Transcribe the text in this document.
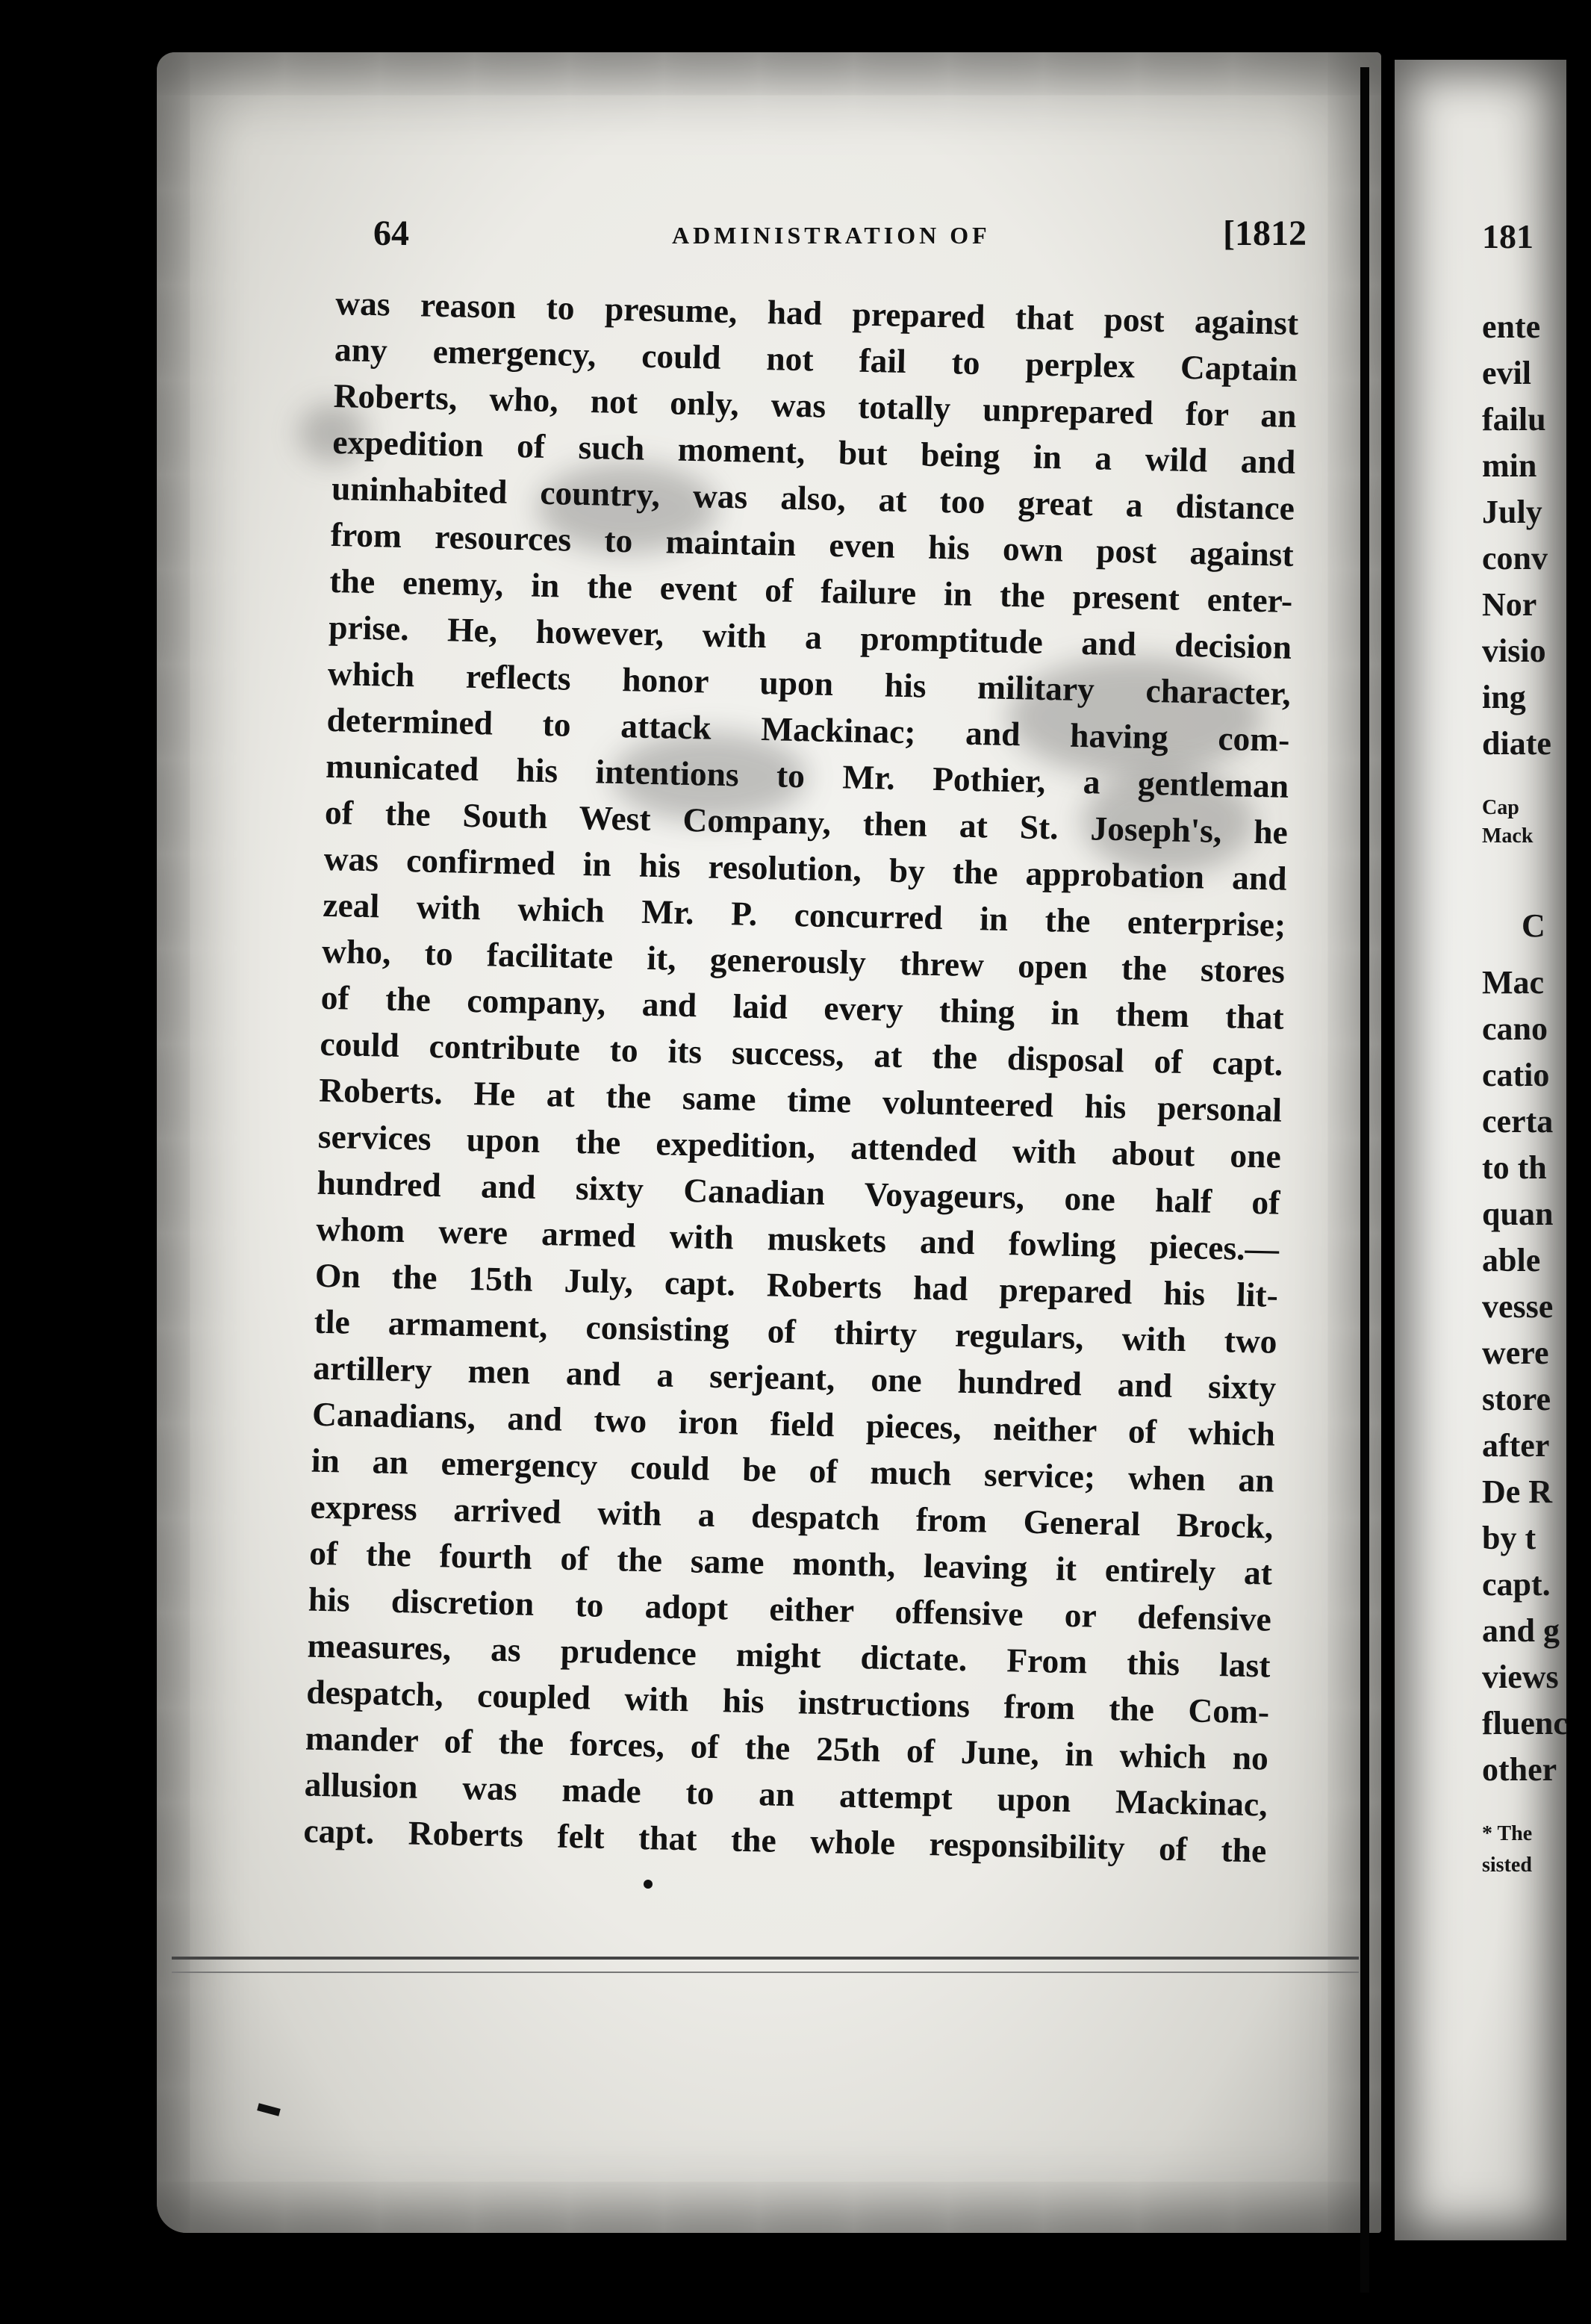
64	ADMINISTRATION OF	[1812
was reason to presume, had prepared that post against
any emergency, could not fail to perplex Captain
Roberts, who, not only, was totally unprepared for an
expedition of such moment, but being in a wild and
uninhabited country, was also, at too great a distance
from resources to maintain even his own post against
the enemy, in the event of failure in the present enter-
prise. He, however, with a promptitude and decision
which reflects honor upon his military character,
determined to attack Mackinac; and having com-
municated his intentions to Mr. Pothier, a gentleman
of the South West Company, then at St. Joseph's, he
was confirmed in his resolution, by the approbation and
zeal with which Mr. P. concurred in the enterprise;
who, to facilitate it, generously threw open the stores
of the company, and laid every thing in them that
could contribute to its success, at the disposal of capt.
Roberts. He at the same time volunteered his personal
services upon the expedition, attended with about one
hundred and sixty Canadian Voyageurs, one half of
whom were armed with muskets and fowling pieces.—
On the 15th July, capt. Roberts had prepared his lit-
tle armament, consisting of thirty regulars, with two
artillery men and a serjeant, one hundred and sixty
Canadians, and two iron field pieces, neither of which
in an emergency could be of much service; when an
express arrived with a despatch from General Brock,
of the fourth of the same month, leaving it entirely at
his discretion to adopt either offensive or defensive
measures, as prudence might dictate. From this last
despatch, coupled with his instructions from the Com-
mander of the forces, of the 25th of June, in which no
allusion was made to an attempt upon Mackinac,
capt. Roberts felt that the whole responsibility of the
181
ente
evil
failu
min
July
conv
Nor
visio
ing
diate
Cap
Mack
C
Mac
cano
catio
certa
to th
quan
able
vesse
were
store
after
De R
by t
capt.
and g
views
fluenc
other
* The
sisted
